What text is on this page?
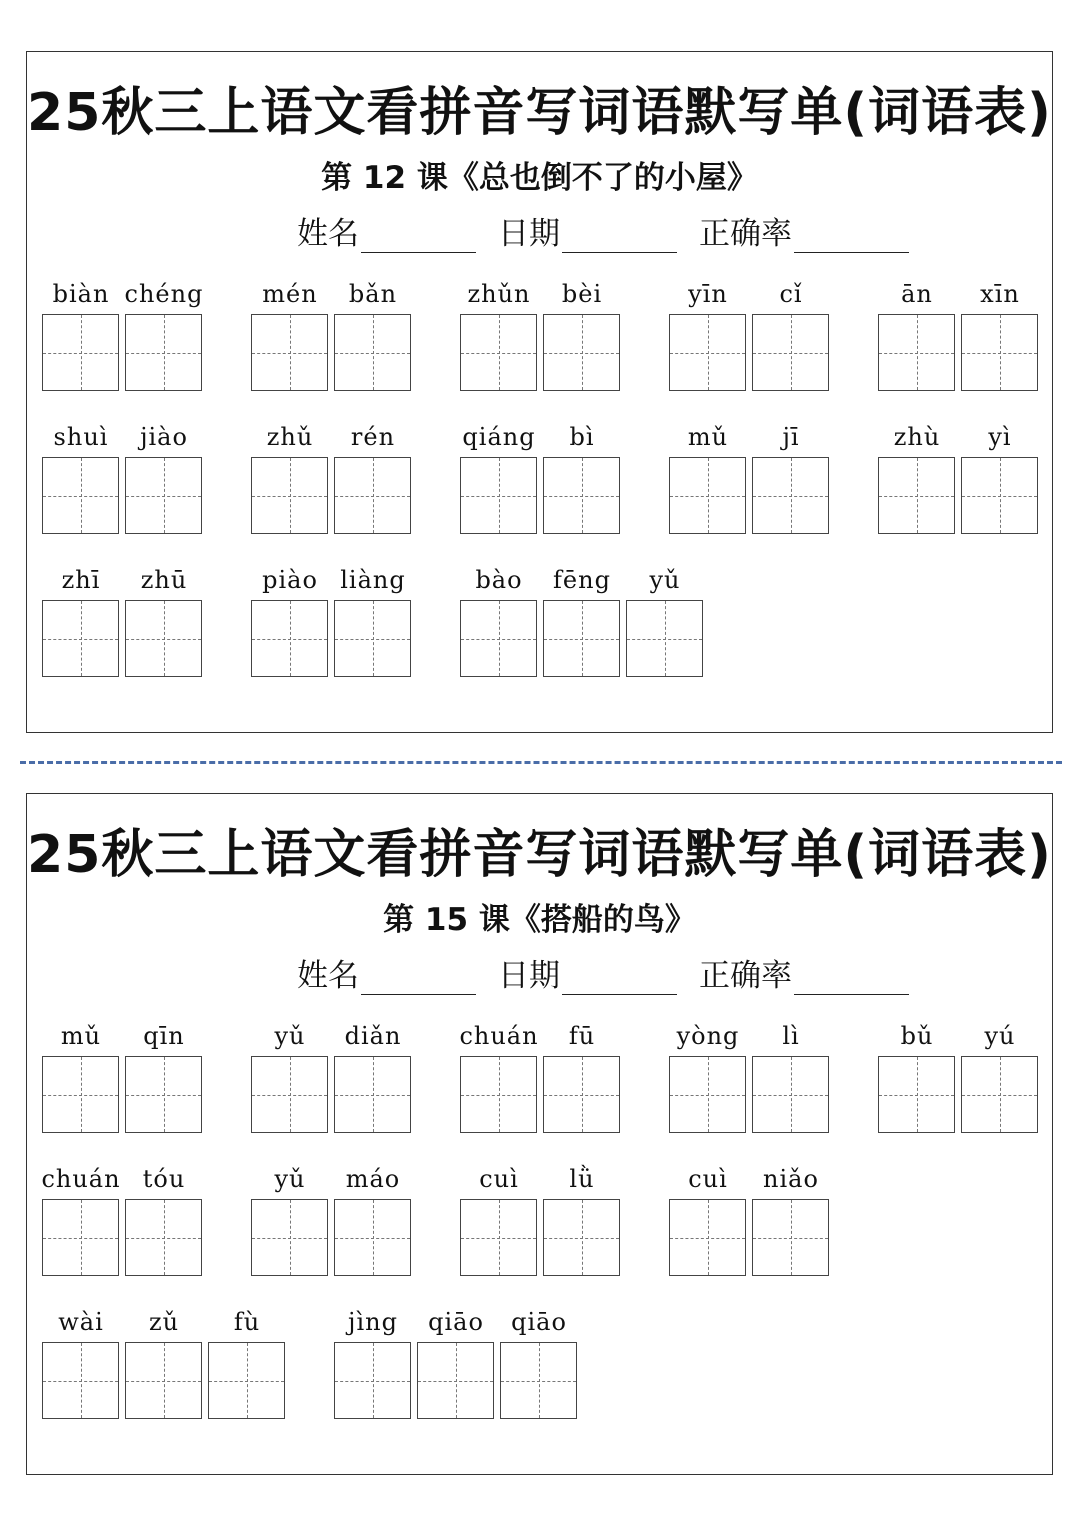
25秋三上语文看拼音写词语默写单(词语表)
第 12 课《总也倒不了的小屋》
姓名	日期	正确率
biàn chéng	mén	bǎn	zhǔn	bèi	yīn	cǐ	ān	xīn
shuì	jiào	zhǔ	rén	qiáng	bì	mǔ	jī	zhù	yì
zhī	zhū	piào liàng	bào	fēng	yǔ
25秋三上语文看拼音写词语默写单(词语表)
第 15 课《搭船的鸟》
姓名	日期	正确率
mǔ	qīn	yǔ	diǎn	chuán	fū	yòng	lì	bǔ	yú
chuán tóu	yǔ	máo	cuì	lǜ	cuì	niǎo
wài	zǔ	fù	jìng	qiāo	qiāo
